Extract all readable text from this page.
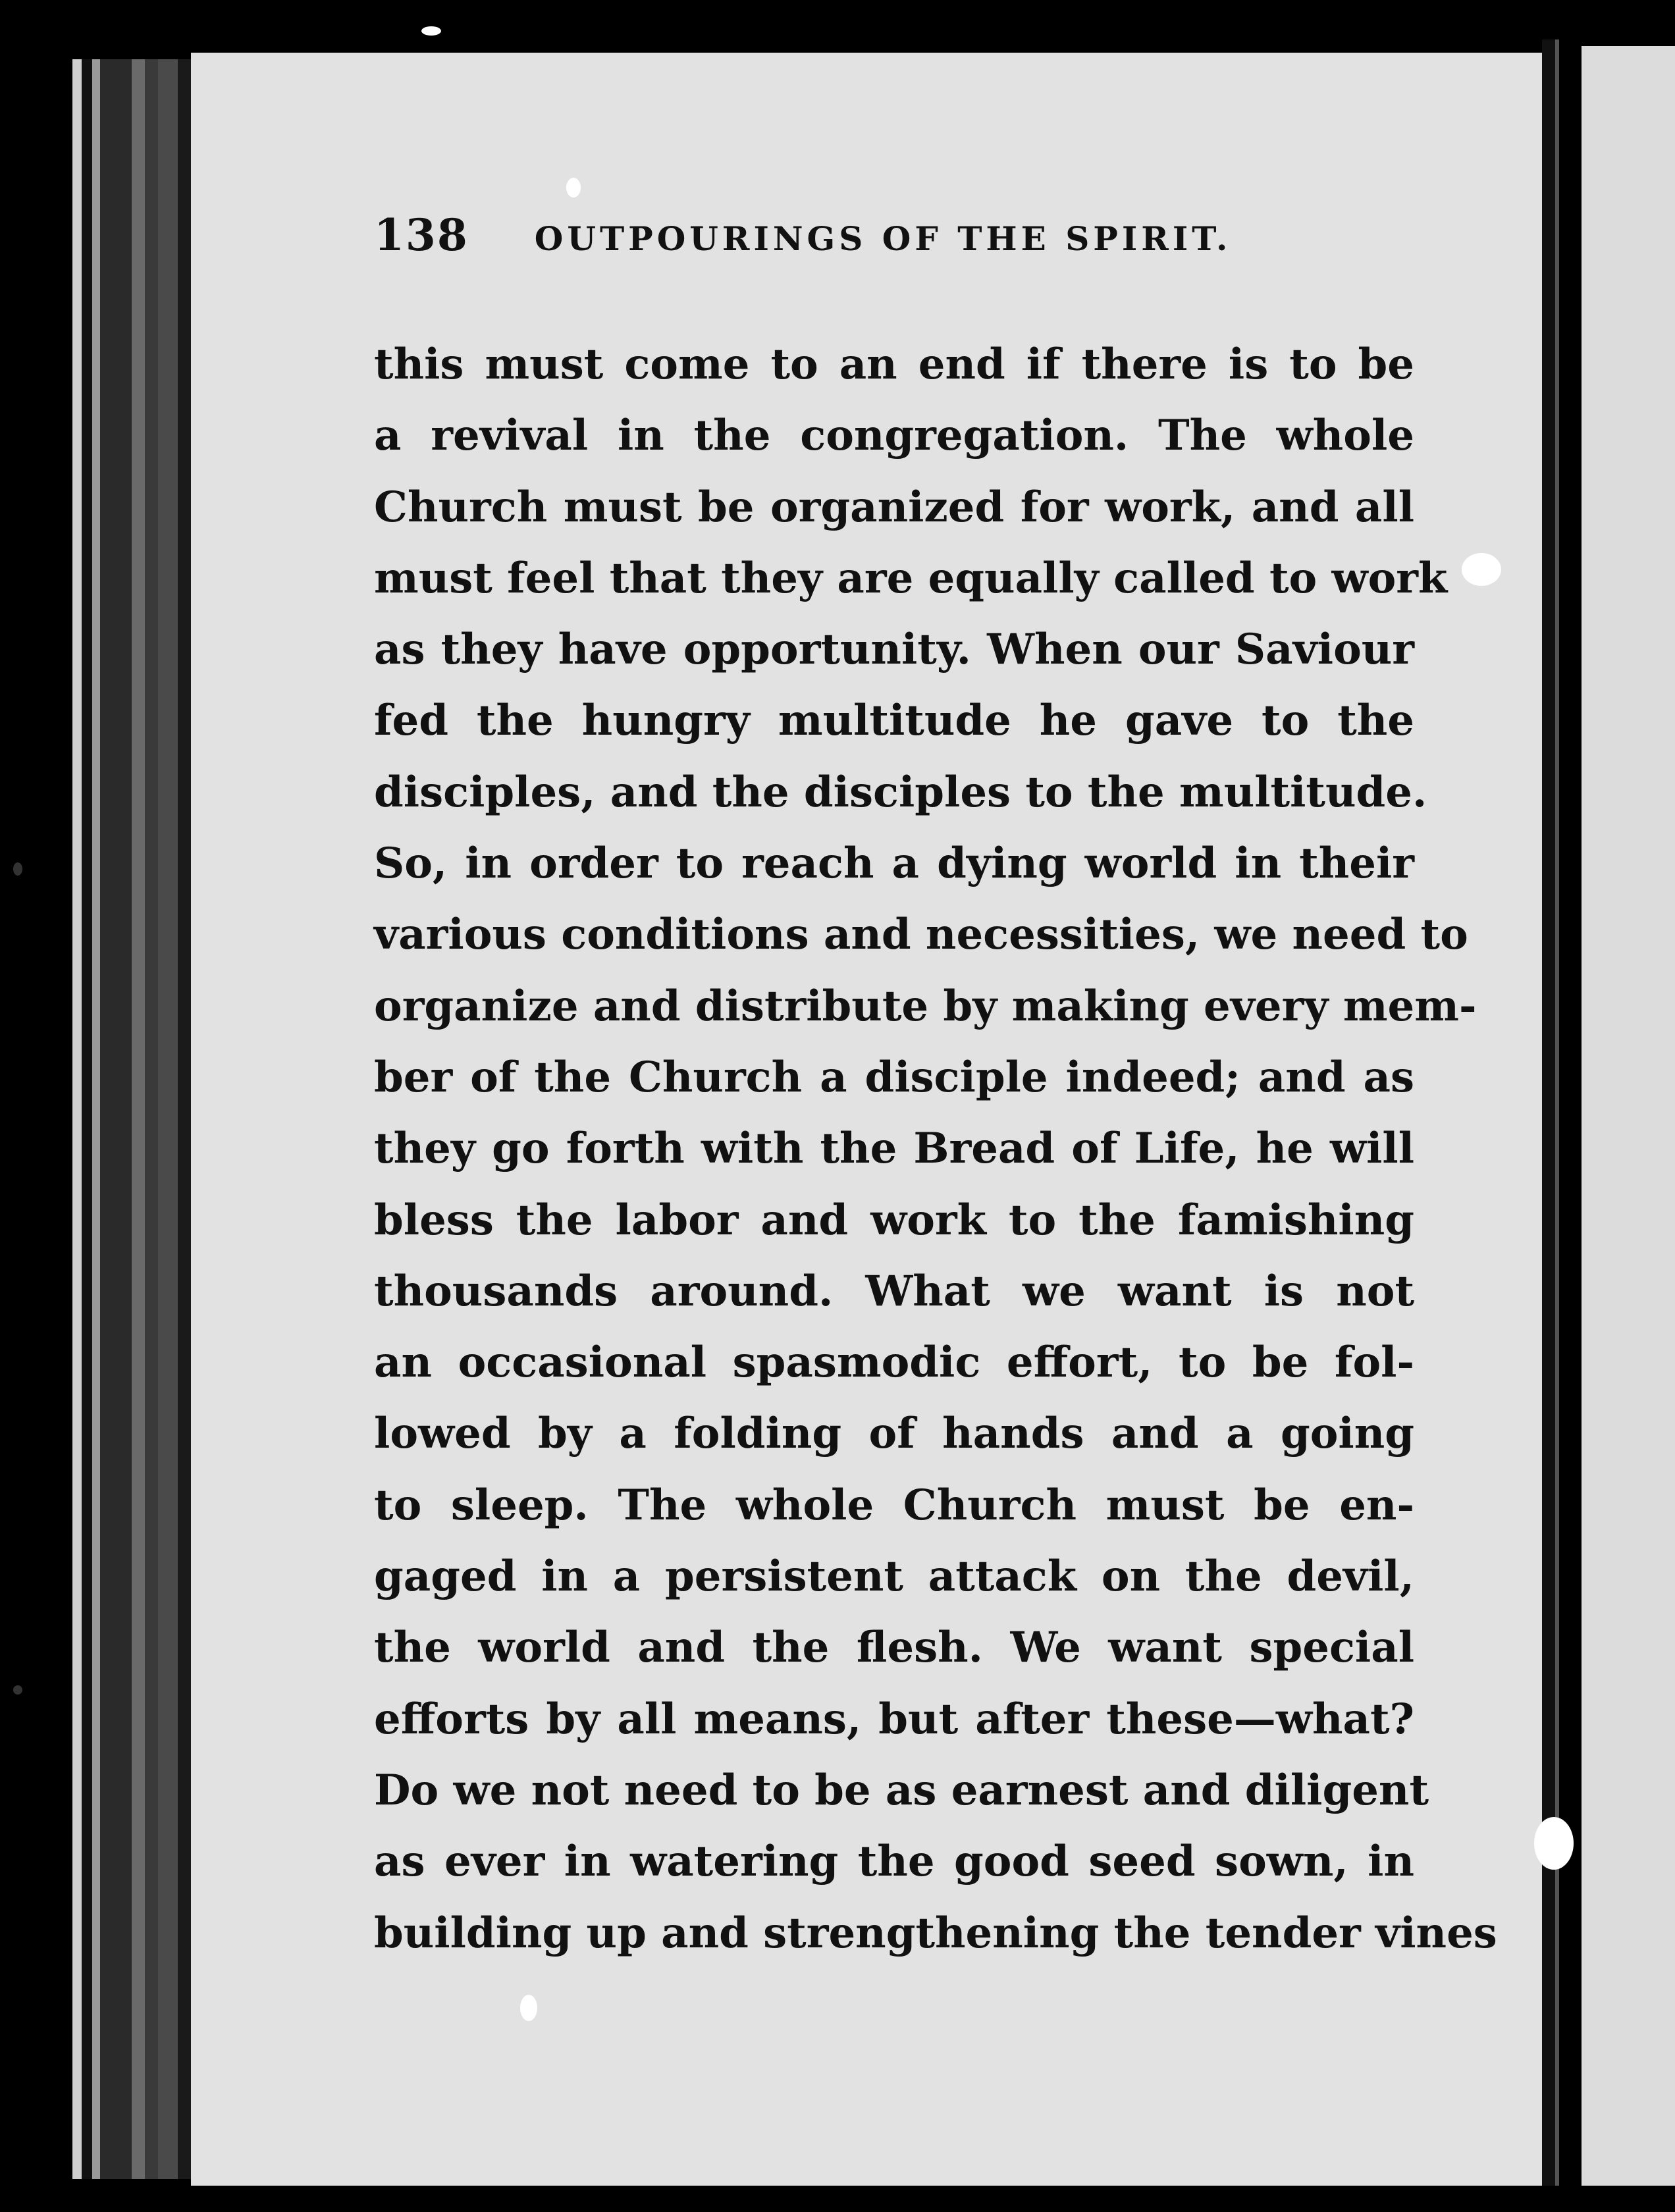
138 OUTPOURINGS OF THE SPIRIT.
this must come to an end if there is to be
a revival in the congregation. The whole
Church must be organized for work, and all
must feel that they are equally called to work
as they have opportunity. When our Saviour
fed the hungry multitude he gave to the
disciples, and the disciples to the multitude.
So, in order to reach a dying world in their
various conditions and necessities, we need to
organize and distribute by making every mem-
ber of the Church a disciple indeed; and as
they go forth with the Bread of Life, he will
bless the labor and work to the famishing
thousands around. What we want is not
an occasional spasmodic effort, to be fol-
lowed by a folding of hands and a going
to sleep. The whole Church must be en-
gaged in a persistent attack on the devil,
the world and the flesh. We want special
efforts by all means, but after these—what?
Do we not need to be as earnest and diligent
as ever in watering the good seed sown, in
building up and strengthening the tender vines
